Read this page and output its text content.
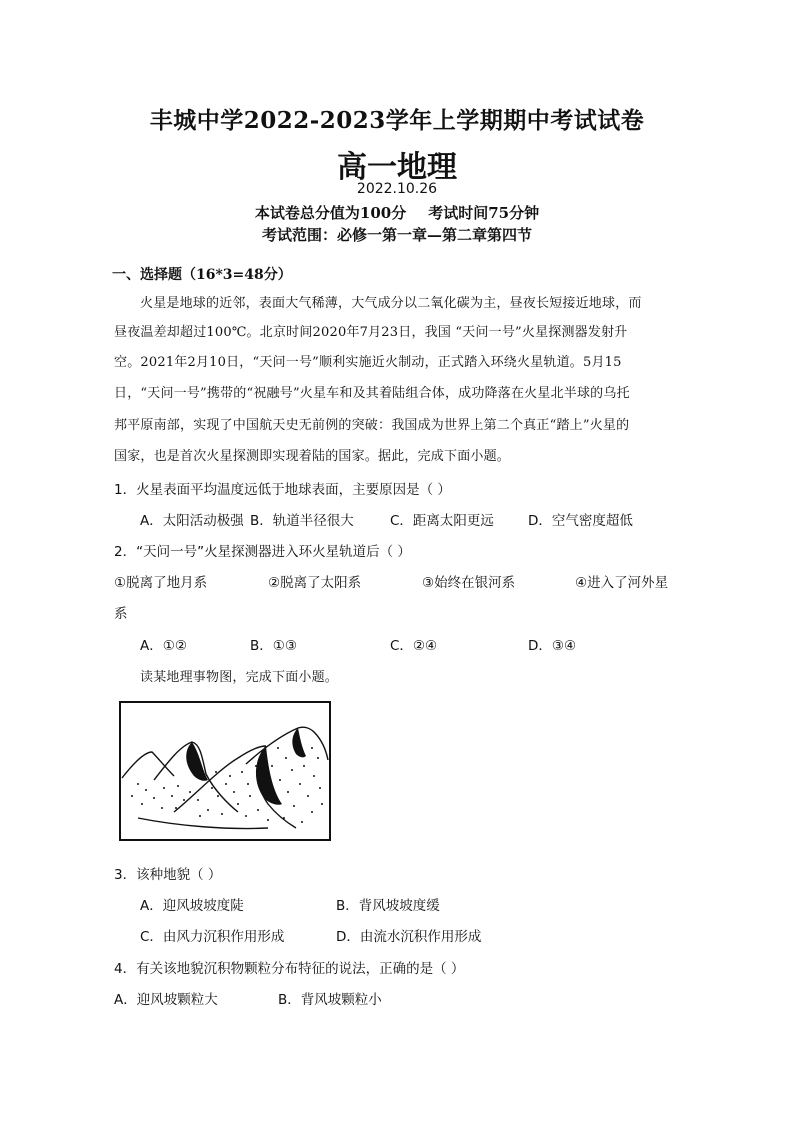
丰城中学2022-2023学年上学期期中考试试卷
高一地理
2022.10.26
本试卷总分值为100分 考试时间75分钟
考试范围：必修一第一章—第二章第四节
一、选择题（16*3=48分）
火星是地球的近邻，表面大气稀薄，大气成分以二氧化碳为主，昼夜长短接近地球，而
昼夜温差却超过100℃。北京时间2020年7月23日，我国 “天问一号”火星探测器发射升
空。2021年2月10日，“天问一号”顺利实施近火制动，正式踏入环绕火星轨道。5月15
日，“天问一号”携带的“祝融号”火星车和及其着陆组合体，成功降落在火星北半球的乌托
邦平原南部，实现了中国航天史无前例的突破：我国成为世界上第二个真正“踏上”火星的
国家，也是首次火星探测即实现着陆的国家。据此，完成下面小题。
1．火星表面平均温度远低于地球表面，主要原因是（ ）
A．太阳活动极强 B．轨道半径很大	C．距离太阳更远	D．空气密度超低
2．“天问一号”火星探测器进入环火星轨道后（ ）
①脱离了地月系	②脱离了太阳系	③始终在银河系	④进入了河外星
系
A．①②	B．①③	C．②④	D．③④
读某地理事物图，完成下面小题。
3．该种地貌（ ）
A．迎风坡坡度陡	B．背风坡坡度缓
C．由风力沉积作用形成	D．由流水沉积作用形成
4．有关该地貌沉积物颗粒分布特征的说法，正确的是（ ）
A．迎风坡颗粒大	B．背风坡颗粒小
